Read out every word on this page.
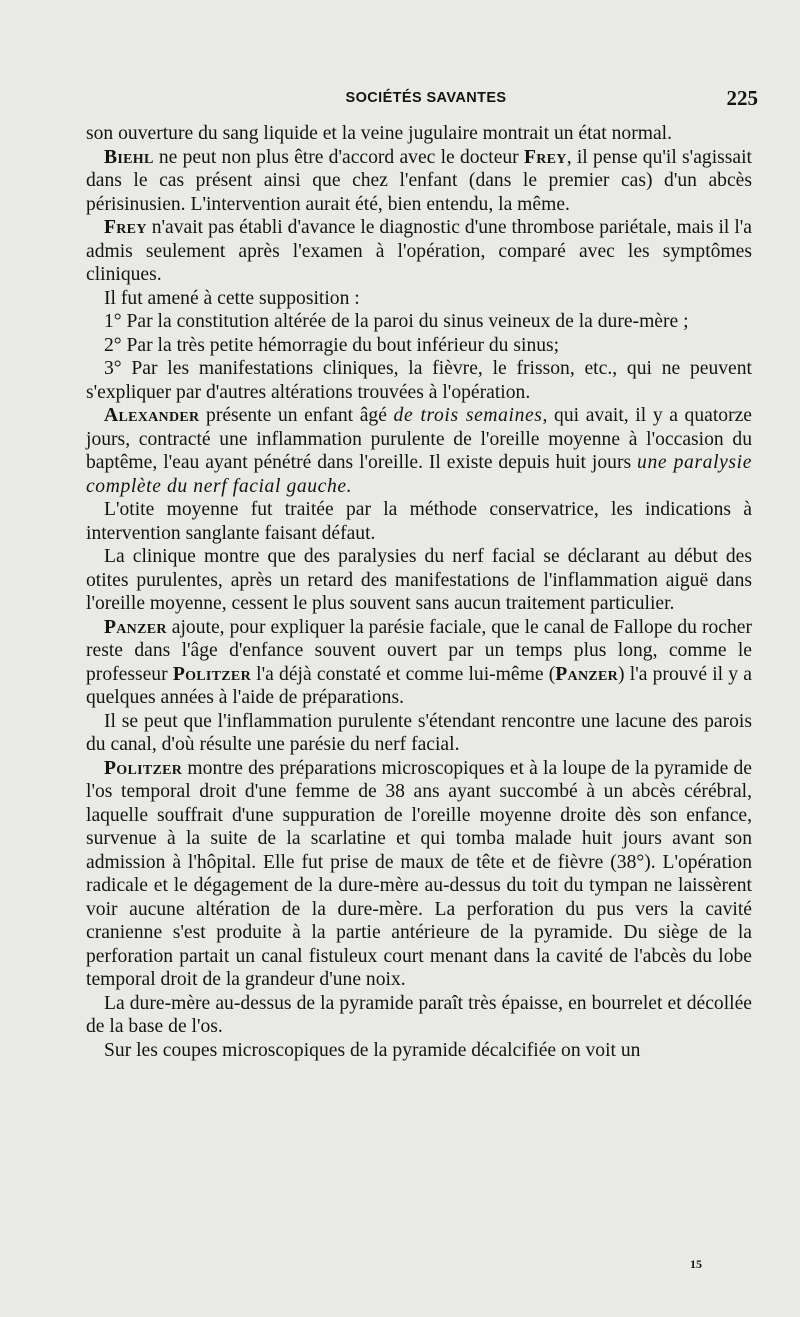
SOCIÉTÉS SAVANTES	225

son ouverture du sang liquide et la veine jugulaire montrait un état normal.

Biehl ne peut non plus être d'accord avec le docteur Frey, il pense qu'il s'agissait dans le cas présent ainsi que chez l'enfant (dans le premier cas) d'un abcès périsinusien. L'intervention aurait été, bien entendu, la même.

Frey n'avait pas établi d'avance le diagnostic d'une thrombose pariétale, mais il l'a admis seulement après l'examen à l'opération, comparé avec les symptômes cliniques.

Il fut amené à cette supposition :

1° Par la constitution altérée de la paroi du sinus veineux de la dure-mère ;

2° Par la très petite hémorragie du bout inférieur du sinus;

3° Par les manifestations cliniques, la fièvre, le frisson, etc., qui ne peuvent s'expliquer par d'autres altérations trouvées à l'opération.

Alexander présente un enfant âgé de trois semaines, qui avait, il y a quatorze jours, contracté une inflammation purulente de l'oreille moyenne à l'occasion du baptême, l'eau ayant pénétré dans l'oreille. Il existe depuis huit jours une paralysie complète du nerf facial gauche.

L'otite moyenne fut traitée par la méthode conservatrice, les indications à intervention sanglante faisant défaut.

La clinique montre que des paralysies du nerf facial se déclarant au début des otites purulentes, après un retard des manifestations de l'inflammation aiguë dans l'oreille moyenne, cessent le plus souvent sans aucun traitement particulier.

Panzer ajoute, pour expliquer la parésie faciale, que le canal de Fallope du rocher reste dans l'âge d'enfance souvent ouvert par un temps plus long, comme le professeur Politzer l'a déjà constaté et comme lui-même (Panzer) l'a prouvé il y a quelques années à l'aide de préparations.

Il se peut que l'inflammation purulente s'étendant rencontre une lacune des parois du canal, d'où résulte une parésie du nerf facial.

Politzer montre des préparations microscopiques et à la loupe de la pyramide de l'os temporal droit d'une femme de 38 ans ayant succombé à un abcès cérébral, laquelle souffrait d'une suppuration de l'oreille moyenne droite dès son enfance, survenue à la suite de la scarlatine et qui tomba malade huit jours avant son admission à l'hôpital. Elle fut prise de maux de tête et de fièvre (38°). L'opération radicale et le dégagement de la dure-mère au-dessus du toit du tympan ne laissèrent voir aucune altération de la dure-mère. La perforation du pus vers la cavité cranienne s'est produite à la partie antérieure de la pyramide. Du siège de la perforation partait un canal fistuleux court menant dans la cavité de l'abcès du lobe temporal droit de la grandeur d'une noix.

La dure-mère au-dessus de la pyramide paraît très épaisse, en bourrelet et décollée de la base de l'os.

Sur les coupes microscopiques de la pyramide décalcifiée on voit un

15
